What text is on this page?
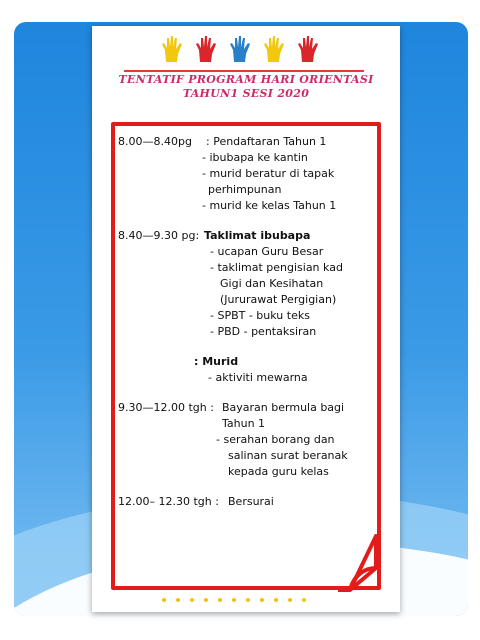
TENTATIF PROGRAM HARI ORIENTASI
TAHUN1 SESI 2020
8.00—8.40pg : Pendaftaran Tahun 1
- ibubapa ke kantin
- murid beratur di tapak
perhimpunan
- murid ke kelas Tahun 1
8.40—9.30 pg: Taklimat ibubapa
- ucapan Guru Besar
- taklimat pengisian kad
Gigi dan Kesihatan
(Jururawat Pergigian)
- SPBT - buku teks
- PBD - pentaksiran
: Murid
- aktiviti mewarna
9.30—12.00 tgh : Bayaran bermula bagi
Tahun 1
- serahan borang dan
salinan surat beranak
kepada guru kelas
12.00– 12.30 tgh : Bersurai
